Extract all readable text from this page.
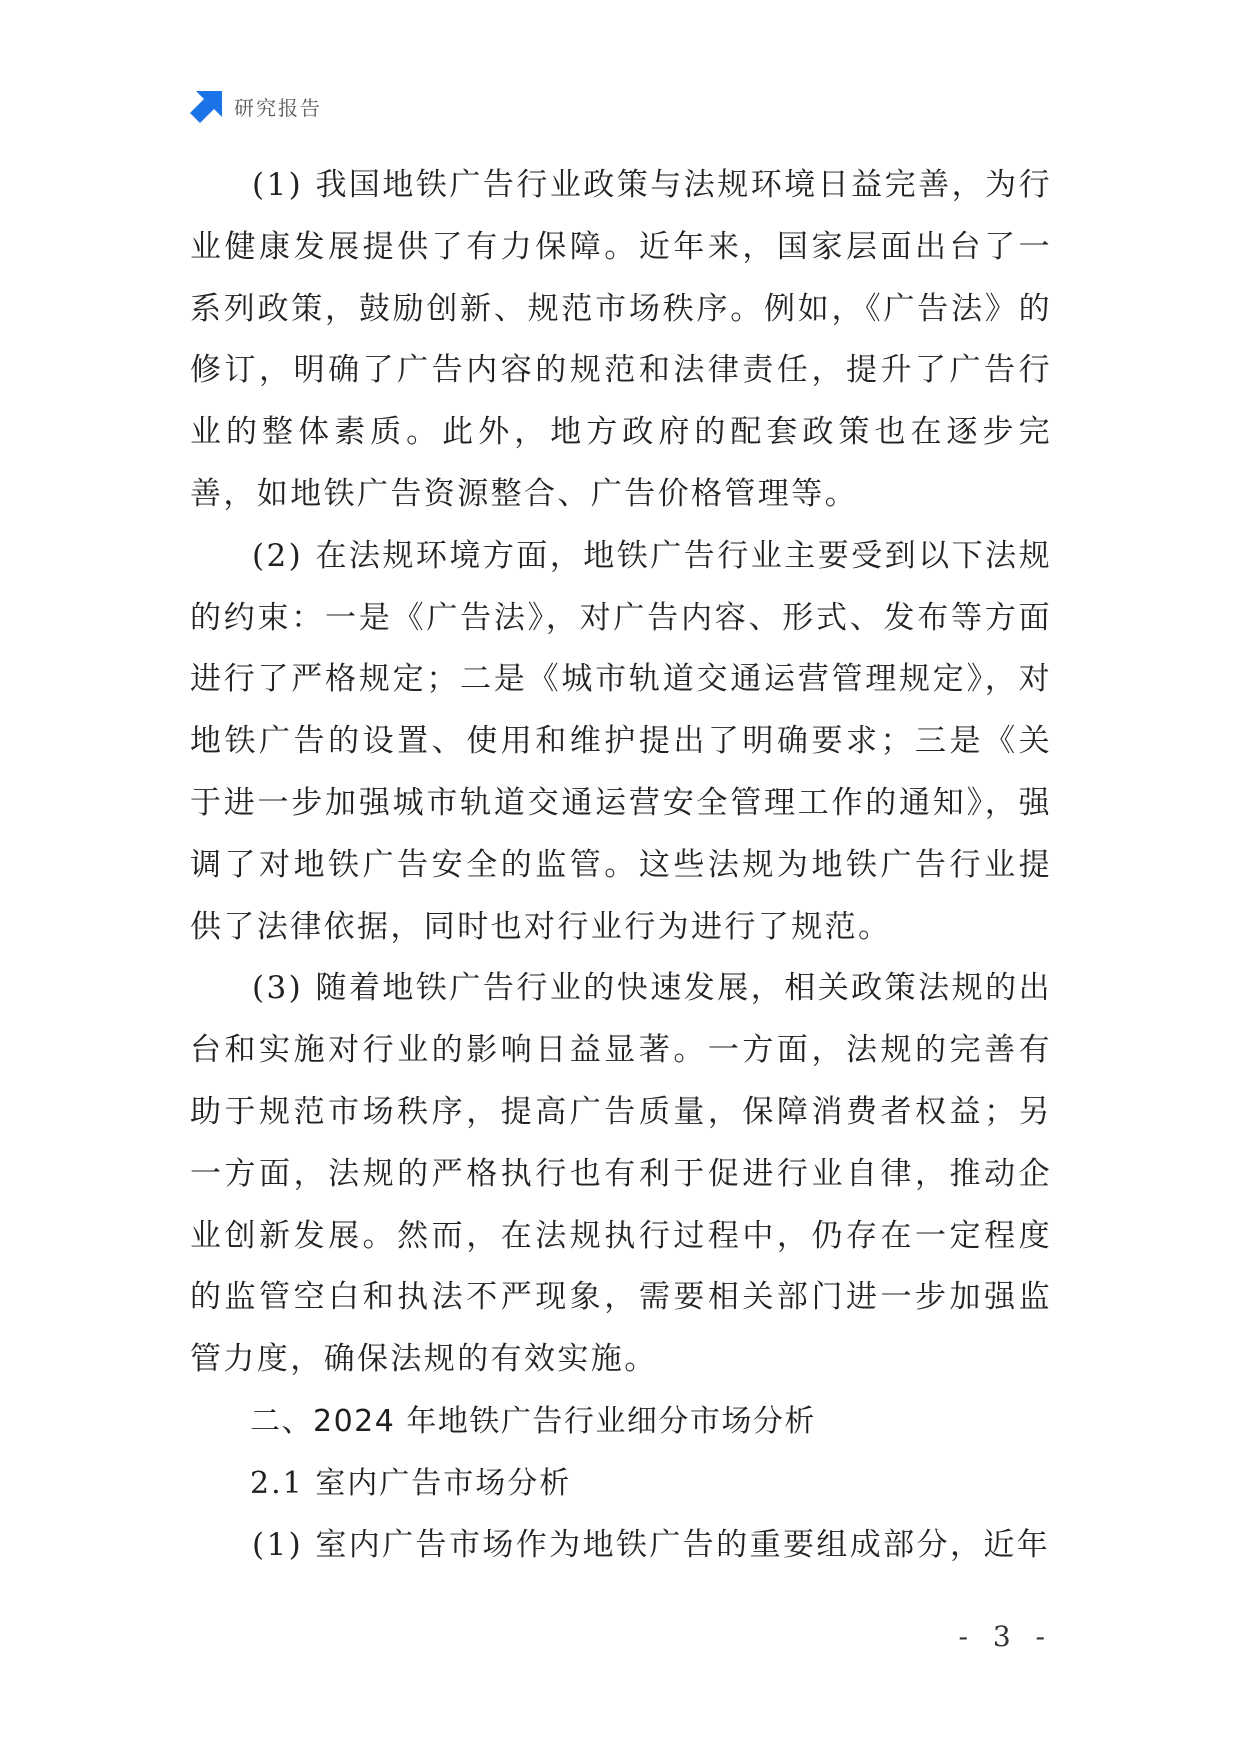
研究报告

(1) 我国地铁广告行业政策与法规环境日益完善，为行业健康发展提供了有力保障。近年来，国家层面出台了一系列政策，鼓励创新、规范市场秩序。例如，《广告法》的修订，明确了广告内容的规范和法律责任，提升了广告行业的整体素质。此外，地方政府的配套政策也在逐步完善，如地铁广告资源整合、广告价格管理等。

(2) 在法规环境方面，地铁广告行业主要受到以下法规的约束：一是《广告法》，对广告内容、形式、发布等方面进行了严格规定；二是《城市轨道交通运营管理规定》，对地铁广告的设置、使用和维护提出了明确要求；三是《关于进一步加强城市轨道交通运营安全管理工作的通知》，强调了对地铁广告安全的监管。这些法规为地铁广告行业提供了法律依据，同时也对行业行为进行了规范。

(3) 随着地铁广告行业的快速发展，相关政策法规的出台和实施对行业的影响日益显著。一方面，法规的完善有助于规范市场秩序，提高广告质量，保障消费者权益；另一方面，法规的严格执行也有利于促进行业自律，推动企业创新发展。然而，在法规执行过程中，仍存在一定程度的监管空白和执法不严现象，需要相关部门进一步加强监管力度，确保法规的有效实施。

二、2024 年地铁广告行业细分市场分析

2.1 室内广告市场分析

(1) 室内广告市场作为地铁广告的重要组成部分，近年

- 3 -
